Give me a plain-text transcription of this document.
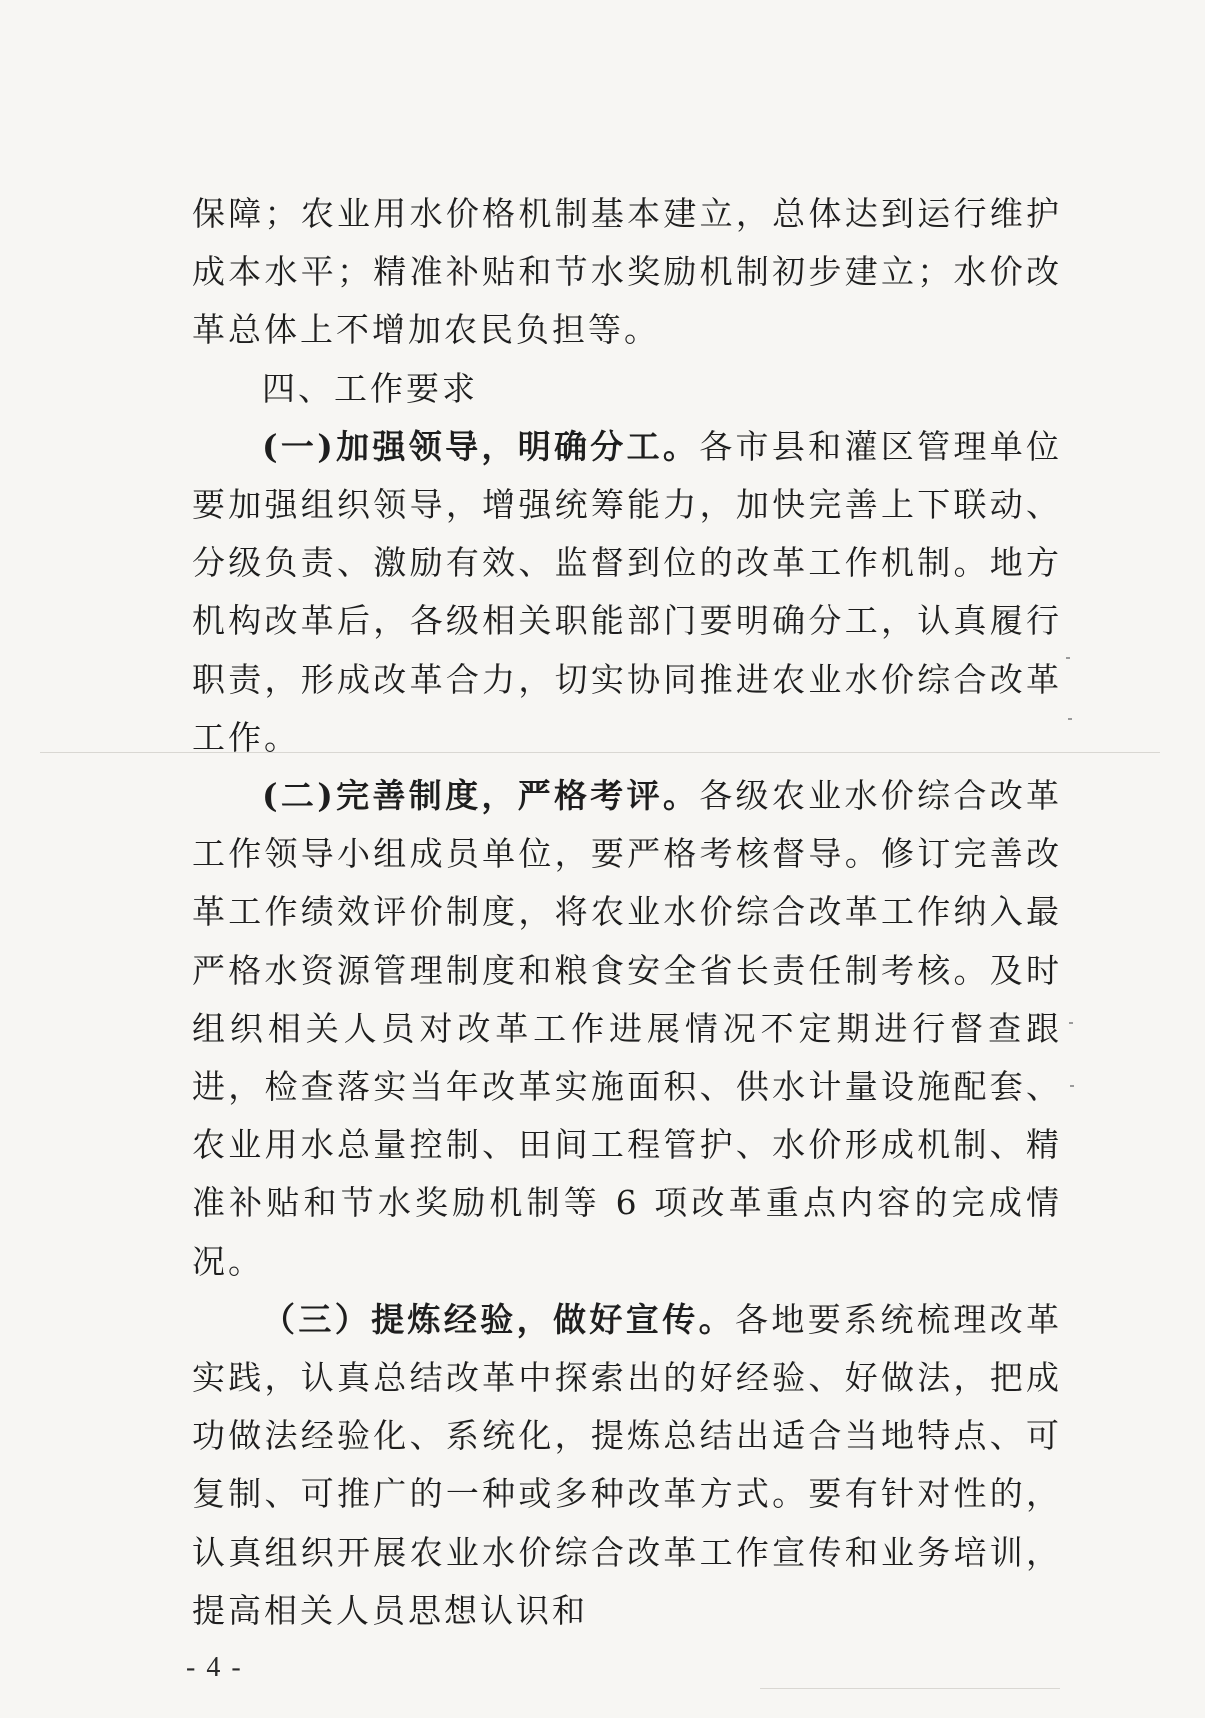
保障；农业用水价格机制基本建立，总体达到运行维护成本水平；精准补贴和节水奖励机制初步建立；水价改革总体上不增加农民负担等。

四、工作要求

(一)加强领导，明确分工。各市县和灌区管理单位要加强组织领导，增强统筹能力，加快完善上下联动、分级负责、激励有效、监督到位的改革工作机制。地方机构改革后，各级相关职能部门要明确分工，认真履行职责，形成改革合力，切实协同推进农业水价综合改革工作。

(二)完善制度，严格考评。各级农业水价综合改革工作领导小组成员单位，要严格考核督导。修订完善改革工作绩效评价制度，将农业水价综合改革工作纳入最严格水资源管理制度和粮食安全省长责任制考核。及时组织相关人员对改革工作进展情况不定期进行督查跟进，检查落实当年改革实施面积、供水计量设施配套、农业用水总量控制、田间工程管护、水价形成机制、精准补贴和节水奖励机制等 6 项改革重点内容的完成情况。

（三）提炼经验，做好宣传。各地要系统梳理改革实践，认真总结改革中探索出的好经验、好做法，把成功做法经验化、系统化，提炼总结出适合当地特点、可复制、可推广的一种或多种改革方式。要有针对性的，认真组织开展农业水价综合改革工作宣传和业务培训，提高相关人员思想认识和

- 4 -
